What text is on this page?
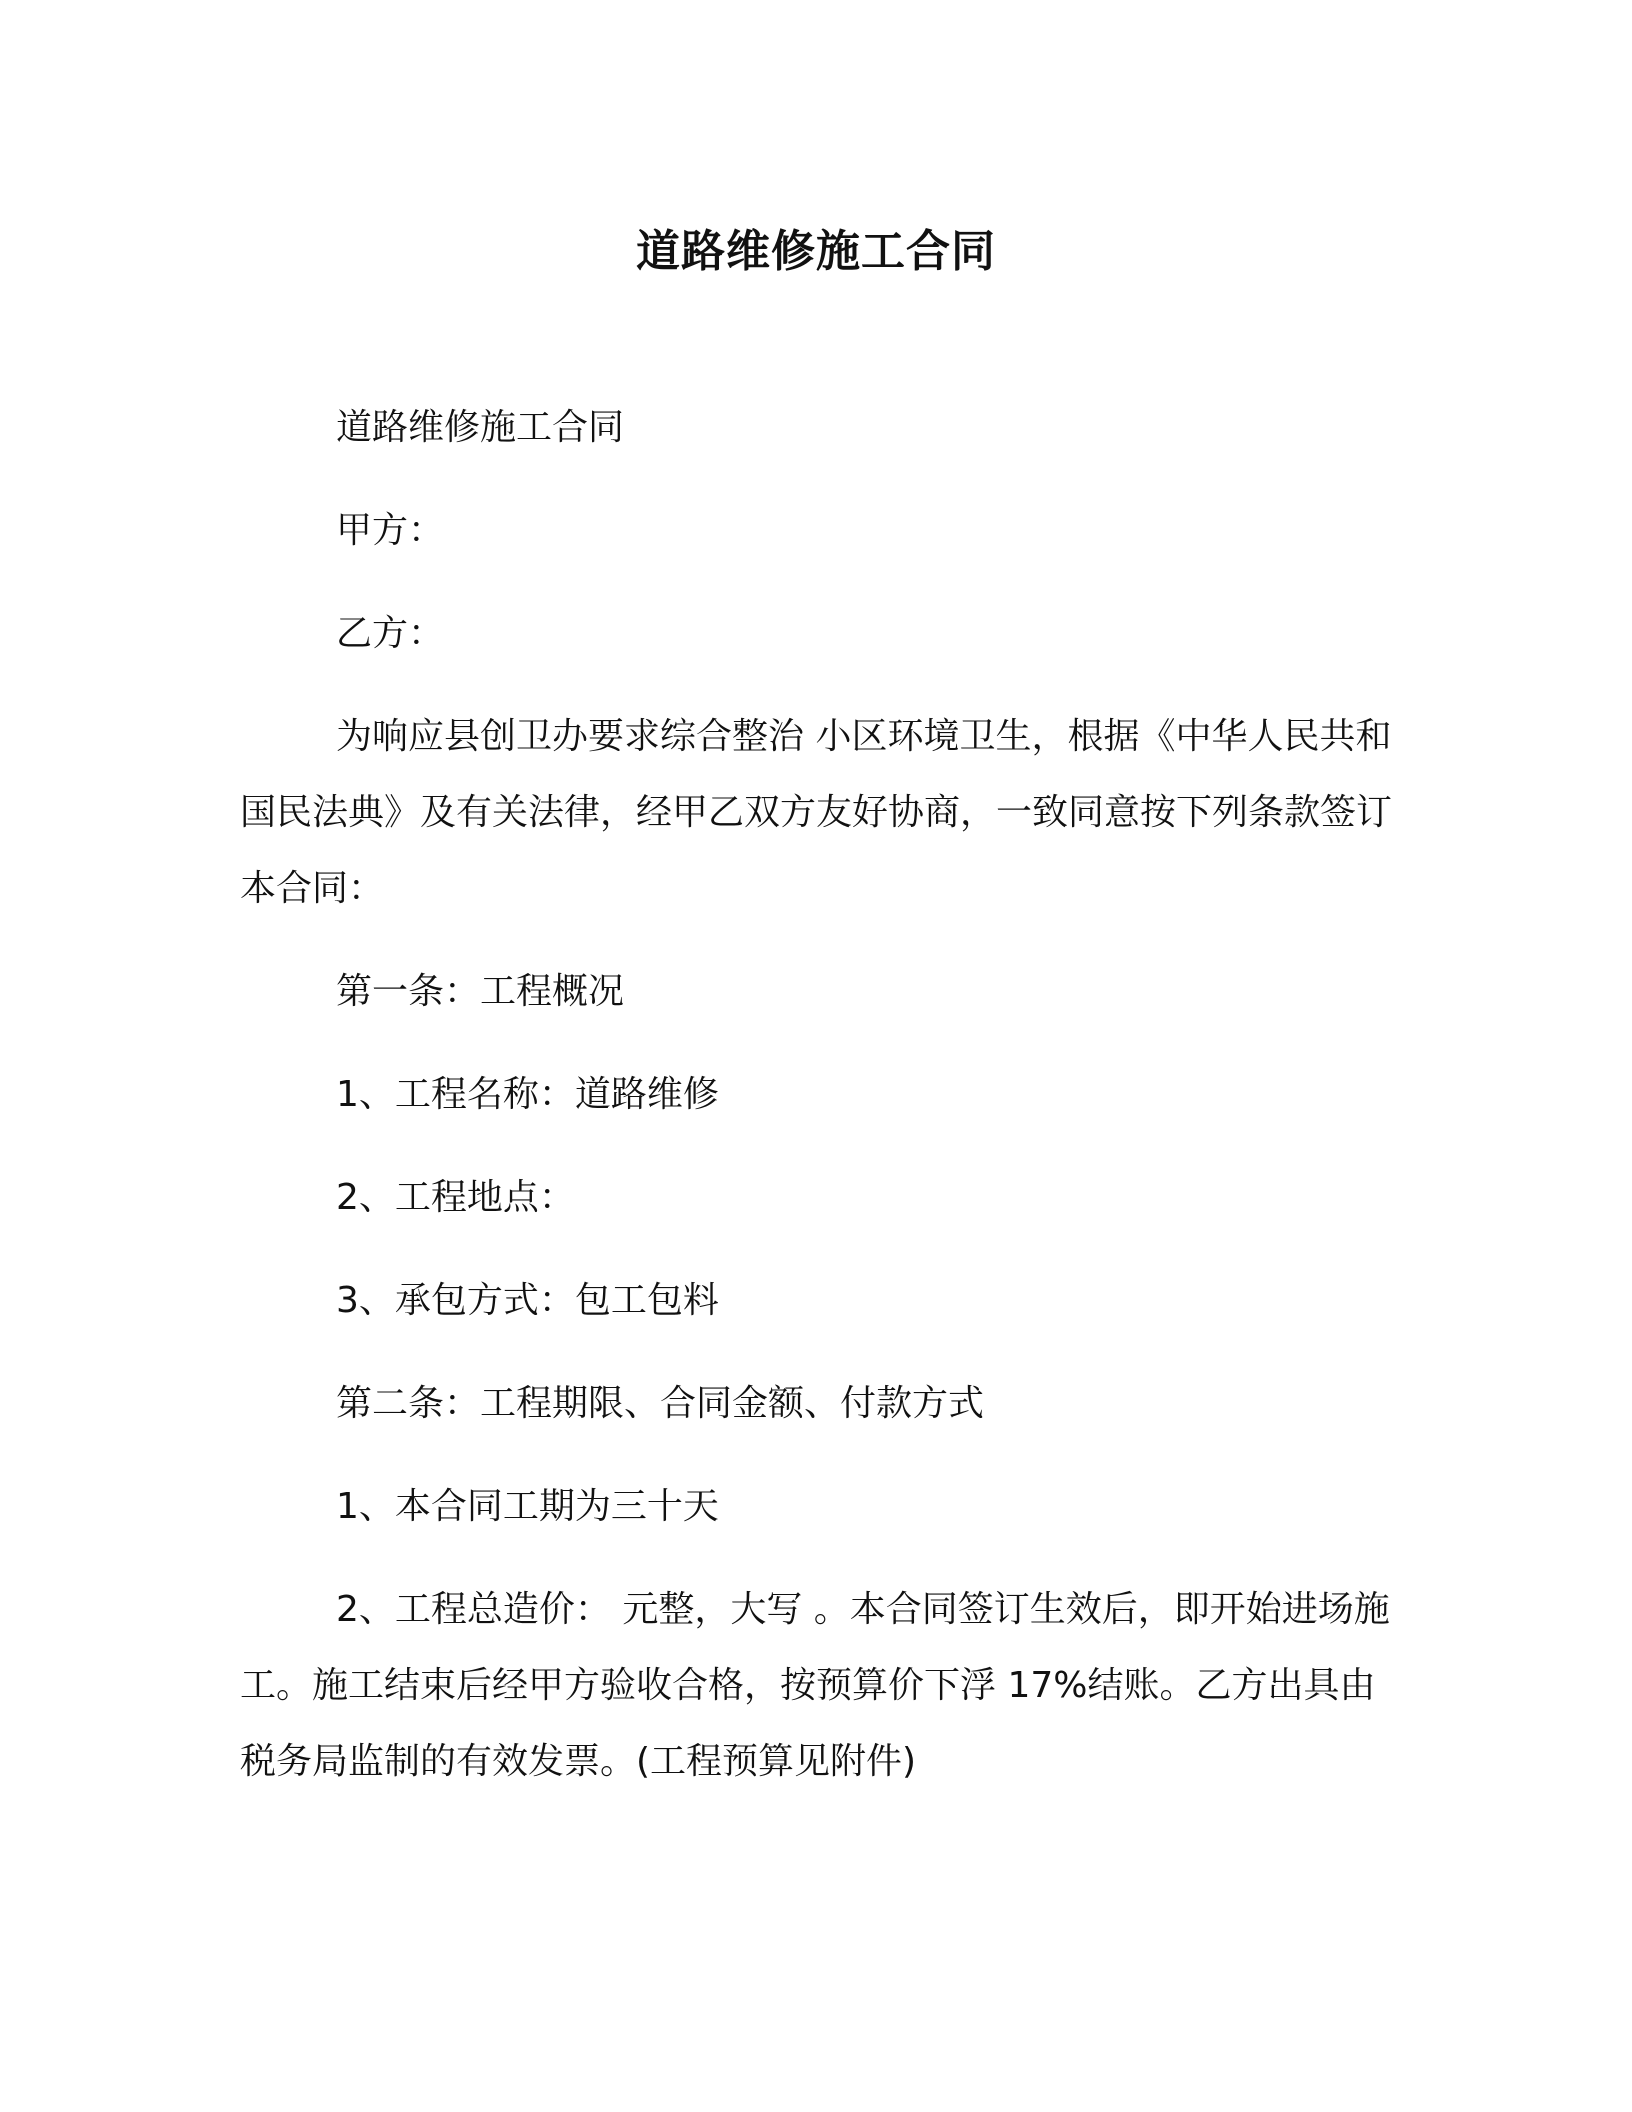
道路维修施工合同

道路维修施工合同

甲方：

乙方：

为响应县创卫办要求综合整治 小区环境卫生，根据《中华人民共和国民法典》及有关法律，经甲乙双方友好协商，一致同意按下列条款签订本合同：

第一条：工程概况

1、工程名称：道路维修

2、工程地点：

3、承包方式：包工包料

第二条：工程期限、合同金额、付款方式

1、本合同工期为三十天

2、工程总造价： 元整，大写 。本合同签订生效后，即开始进场施工。施工结束后经甲方验收合格，按预算价下浮 17%结账。乙方出具由税务局监制的有效发票。(工程预算见附件)
